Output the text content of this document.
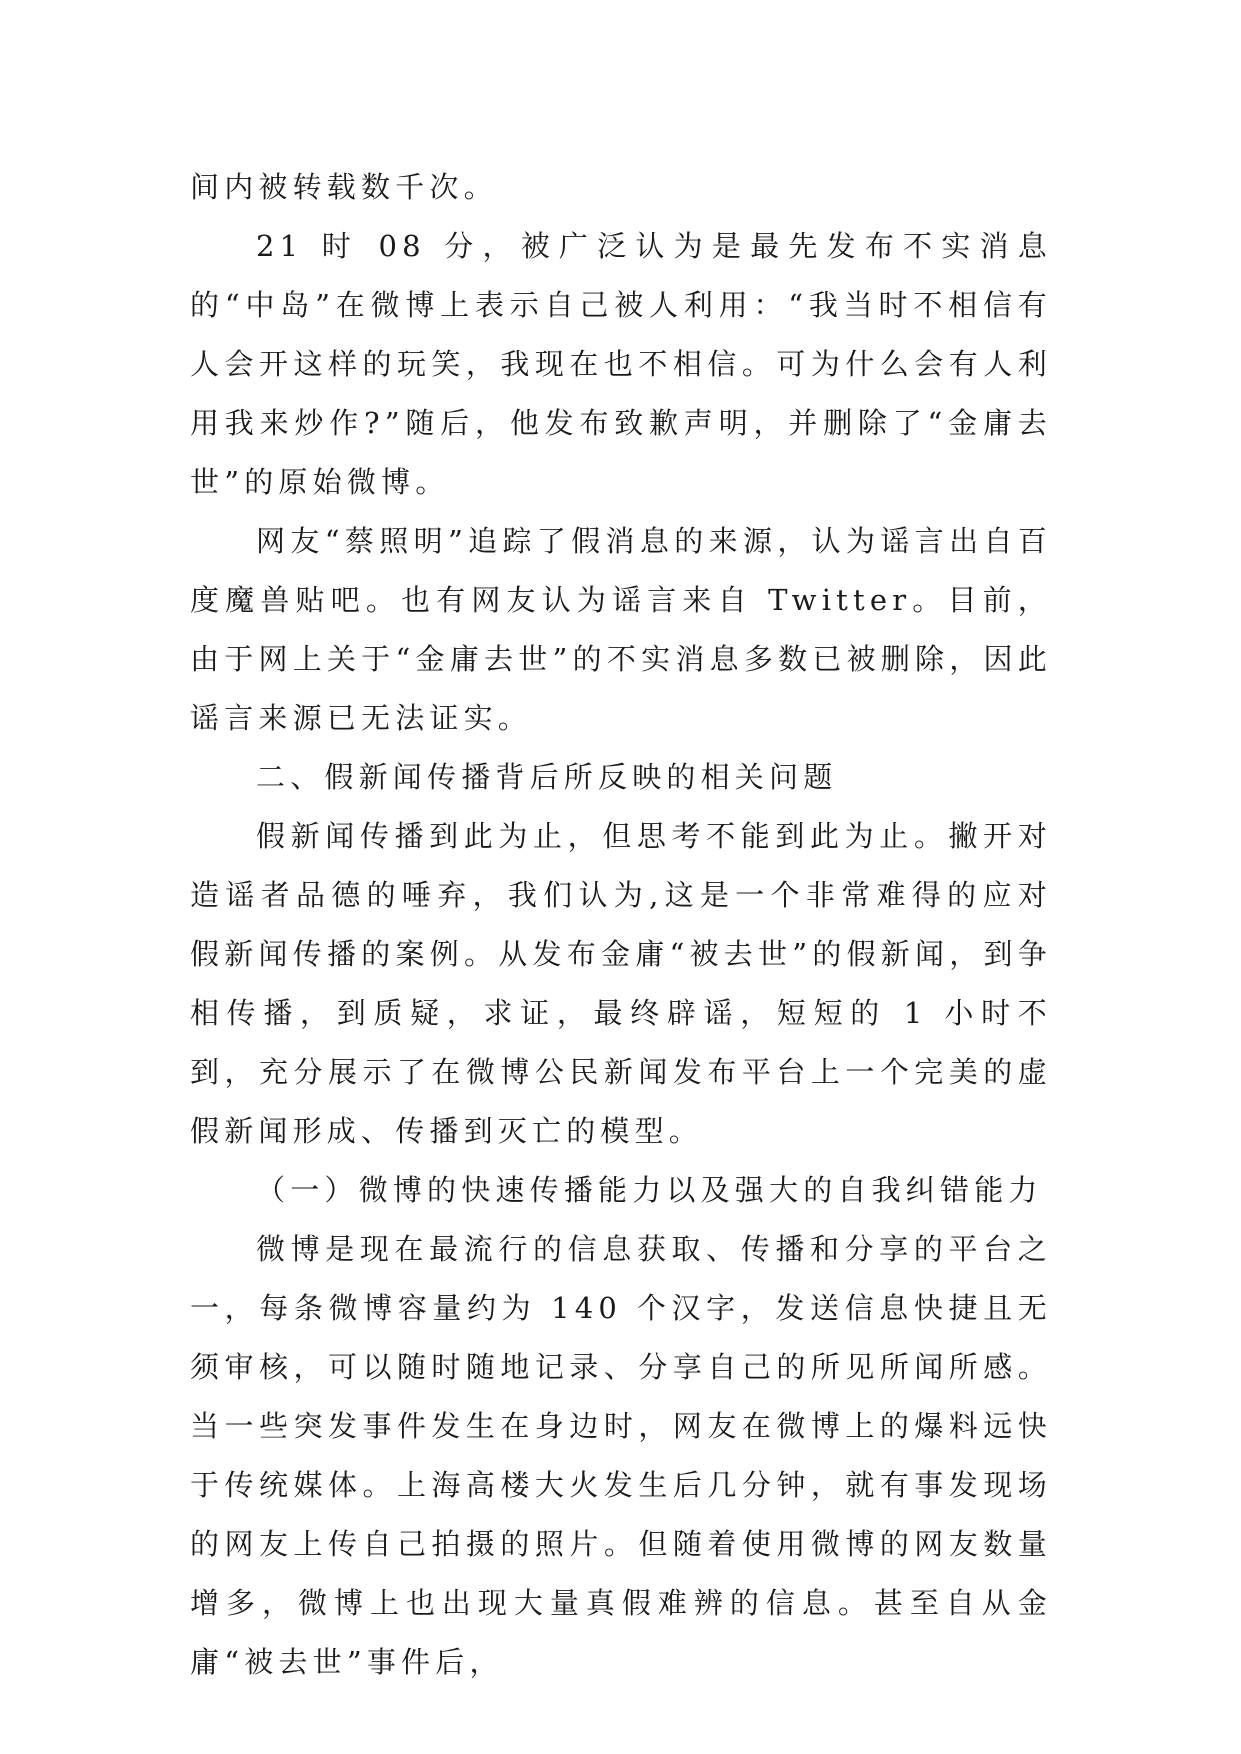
间内被转载数千次。

21 时 08 分，被广泛认为是最先发布不实消息的“中岛”在微博上表示自己被人利用：“我当时不相信有人会开这样的玩笑，我现在也不相信。可为什么会有人利用我来炒作?”随后，他发布致歉声明，并删除了“金庸去世”的原始微博。

网友“蔡照明”追踪了假消息的来源，认为谣言出自百度魔兽贴吧。也有网友认为谣言来自 Twitter。目前，由于网上关于“金庸去世”的不实消息多数已被删除，因此谣言来源已无法证实。

二、假新闻传播背后所反映的相关问题

假新闻传播到此为止，但思考不能到此为止。撇开对造谣者品德的唾弃，我们认为,这是一个非常难得的应对假新闻传播的案例。从发布金庸“被去世”的假新闻，到争相传播，到质疑，求证，最终辟谣，短短的 1 小时不到，充分展示了在微博公民新闻发布平台上一个完美的虚假新闻形成、传播到灭亡的模型。

（一）微博的快速传播能力以及强大的自我纠错能力

微博是现在最流行的信息获取、传播和分享的平台之一，每条微博容量约为 140 个汉字，发送信息快捷且无须审核，可以随时随地记录、分享自己的所见所闻所感。当一些突发事件发生在身边时，网友在微博上的爆料远快于传统媒体。上海高楼大火发生后几分钟，就有事发现场的网友上传自己拍摄的照片。但随着使用微博的网友数量增多，微博上也出现大量真假难辨的信息。甚至自从金庸“被去世”事件后，
